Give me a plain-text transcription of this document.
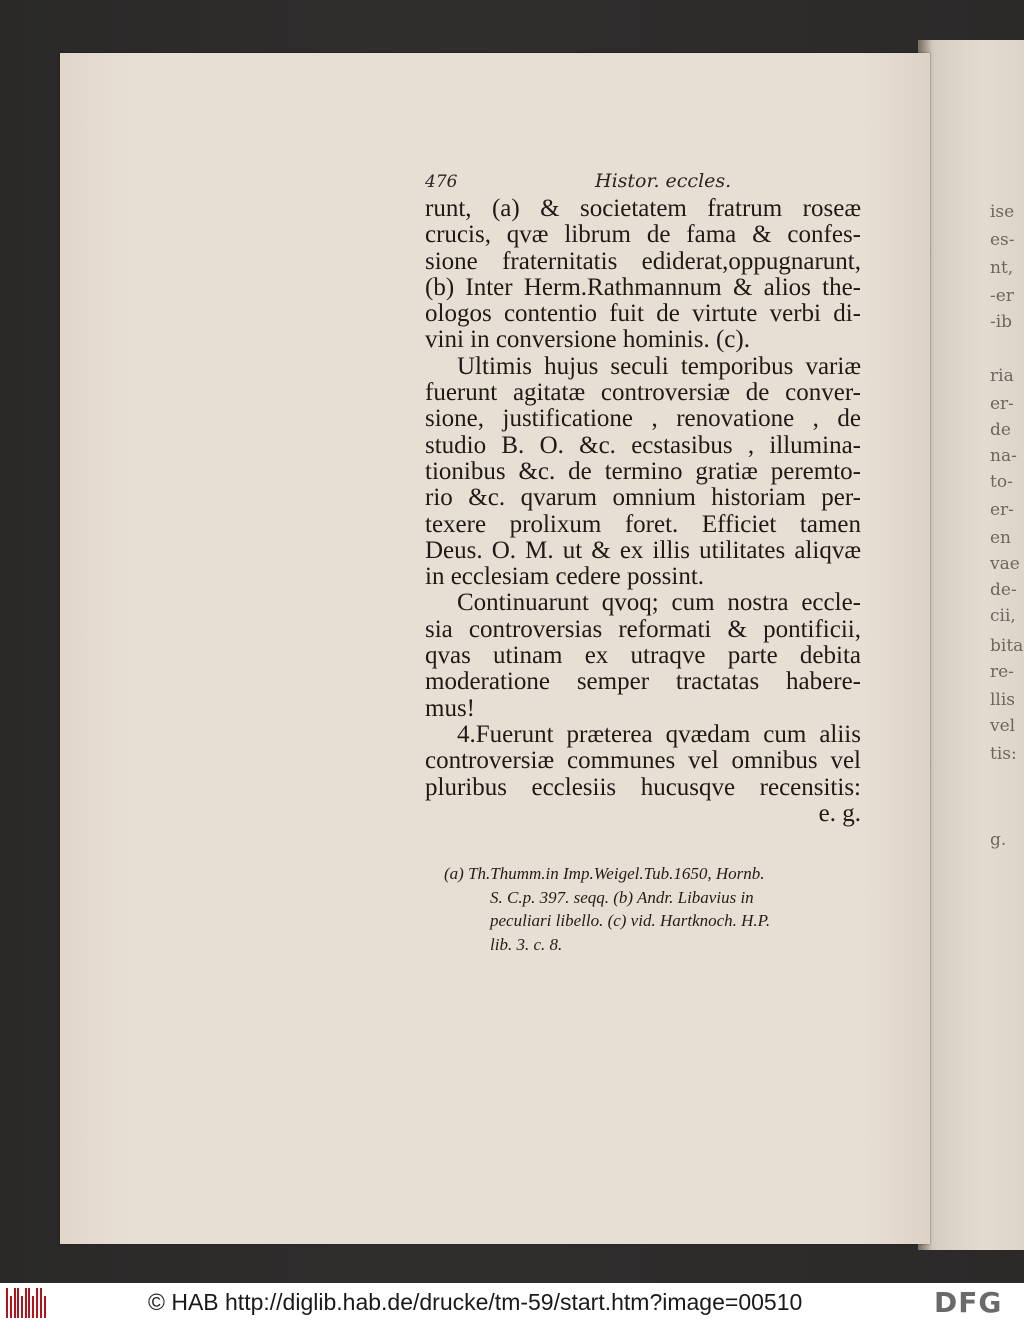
ise
es-
nt,
-er
-ib
ria
er-
de
na-
to-
er-
en
vae
de-
cii,
bita
re-
llis
vel
tis:
g.
476	Histor. eccles.
runt, (a) & societatem fratrum roseæ
crucis, qvæ librum de fama & confes-
sione fraternitatis ediderat,oppugnarunt,
(b) Inter Herm.Rathmannum & alios the-
ologos contentio fuit de virtute verbi di-
vini in conversione hominis. (c).
Ultimis hujus seculi temporibus variæ
fuerunt agitatæ controversiæ de conver-
sione, justificatione , renovatione , de
studio B. O. &c. ecstasibus , illumina-
tionibus &c. de termino gratiæ peremto-
rio &c. qvarum omnium historiam per-
texere prolixum foret. Efficiet tamen
Deus. O. M. ut & ex illis utilitates aliqvæ
in ecclesiam cedere possint.
Continuarunt qvoq; cum nostra eccle-
sia controversias reformati & pontificii,
qvas utinam ex utraqve parte debita
moderatione semper tractatas habere-
mus!
4.Fuerunt præterea qvædam cum aliis
controversiæ communes vel omnibus vel
pluribus ecclesiis hucusqve recensitis:
e. g.
(a) Th.Thumm.in Imp.Weigel.Tub.1650, Hornb.
S. C.p. 397. seqq. (b) Andr. Libavius in
peculiari libello. (c) vid. Hartknoch. H.P.
lib. 3. c. 8.
© HAB http://diglib.hab.de/drucke/tm-59/start.htm?image=00510	DFG
